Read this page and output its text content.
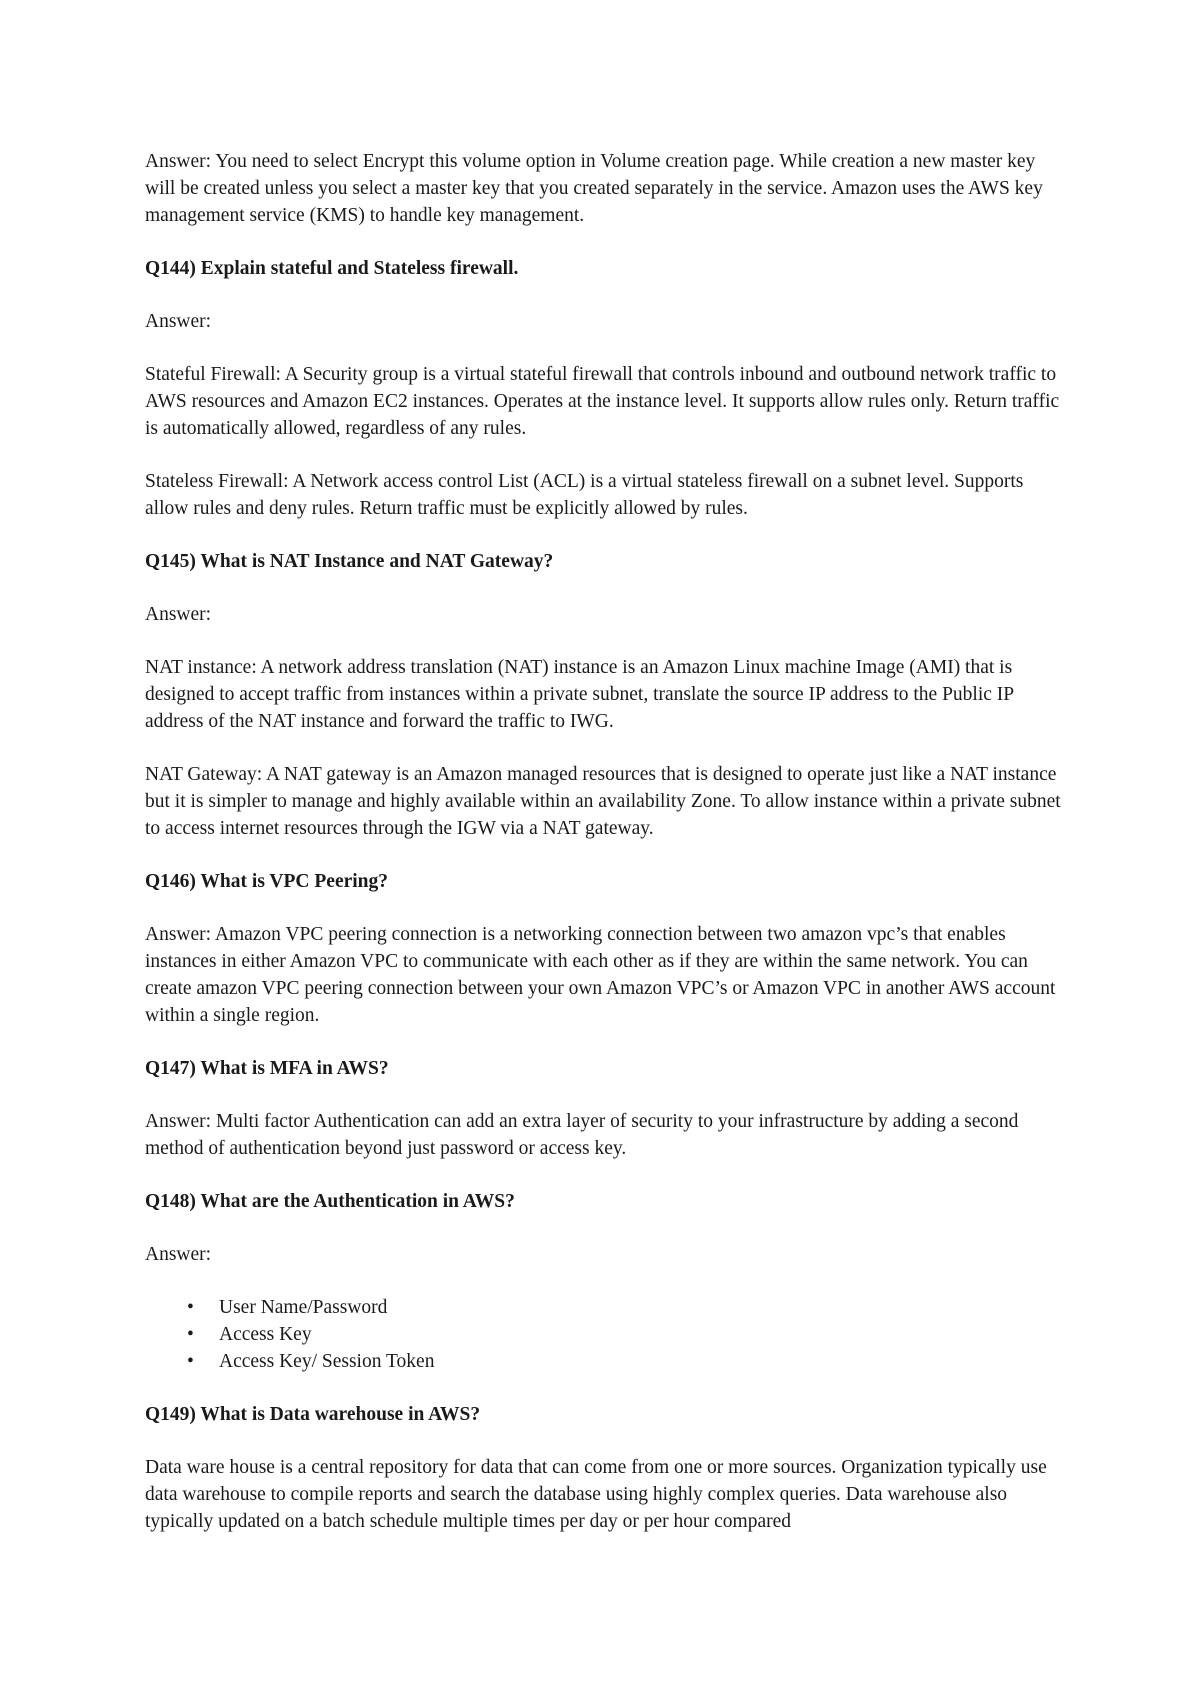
Answer: You need to select Encrypt this volume option in Volume creation page. While creation a new master key will be created unless you select a master key that you created separately in the service. Amazon uses the AWS key management service (KMS) to handle key management.

Q144) Explain stateful and Stateless firewall.

Answer:

Stateful Firewall: A Security group is a virtual stateful firewall that controls inbound and outbound network traffic to AWS resources and Amazon EC2 instances. Operates at the instance level. It supports allow rules only. Return traffic is automatically allowed, regardless of any rules.

Stateless Firewall: A Network access control List (ACL) is a virtual stateless firewall on a subnet level. Supports allow rules and deny rules. Return traffic must be explicitly allowed by rules.

Q145) What is NAT Instance and NAT Gateway?

Answer:

NAT instance: A network address translation (NAT) instance is an Amazon Linux machine Image (AMI) that is designed to accept traffic from instances within a private subnet, translate the source IP address to the Public IP address of the NAT instance and forward the traffic to IWG.

NAT Gateway: A NAT gateway is an Amazon managed resources that is designed to operate just like a NAT instance but it is simpler to manage and highly available within an availability Zone. To allow instance within a private subnet to access internet resources through the IGW via a NAT gateway.

Q146) What is VPC Peering?

Answer: Amazon VPC peering connection is a networking connection between two amazon vpc’s that enables instances in either Amazon VPC to communicate with each other as if they are within the same network. You can create amazon VPC peering connection between your own Amazon VPC’s or Amazon VPC in another AWS account within a single region.

Q147) What is MFA in AWS?

Answer: Multi factor Authentication can add an extra layer of security to your infrastructure by adding a second method of authentication beyond just password or access key.

Q148) What are the Authentication in AWS?

Answer:

• User Name/Password
• Access Key
• Access Key/ Session Token

Q149) What is Data warehouse in AWS?

Data ware house is a central repository for data that can come from one or more sources. Organization typically use data warehouse to compile reports and search the database using highly complex queries. Data warehouse also typically updated on a batch schedule multiple times per day or per hour compared
